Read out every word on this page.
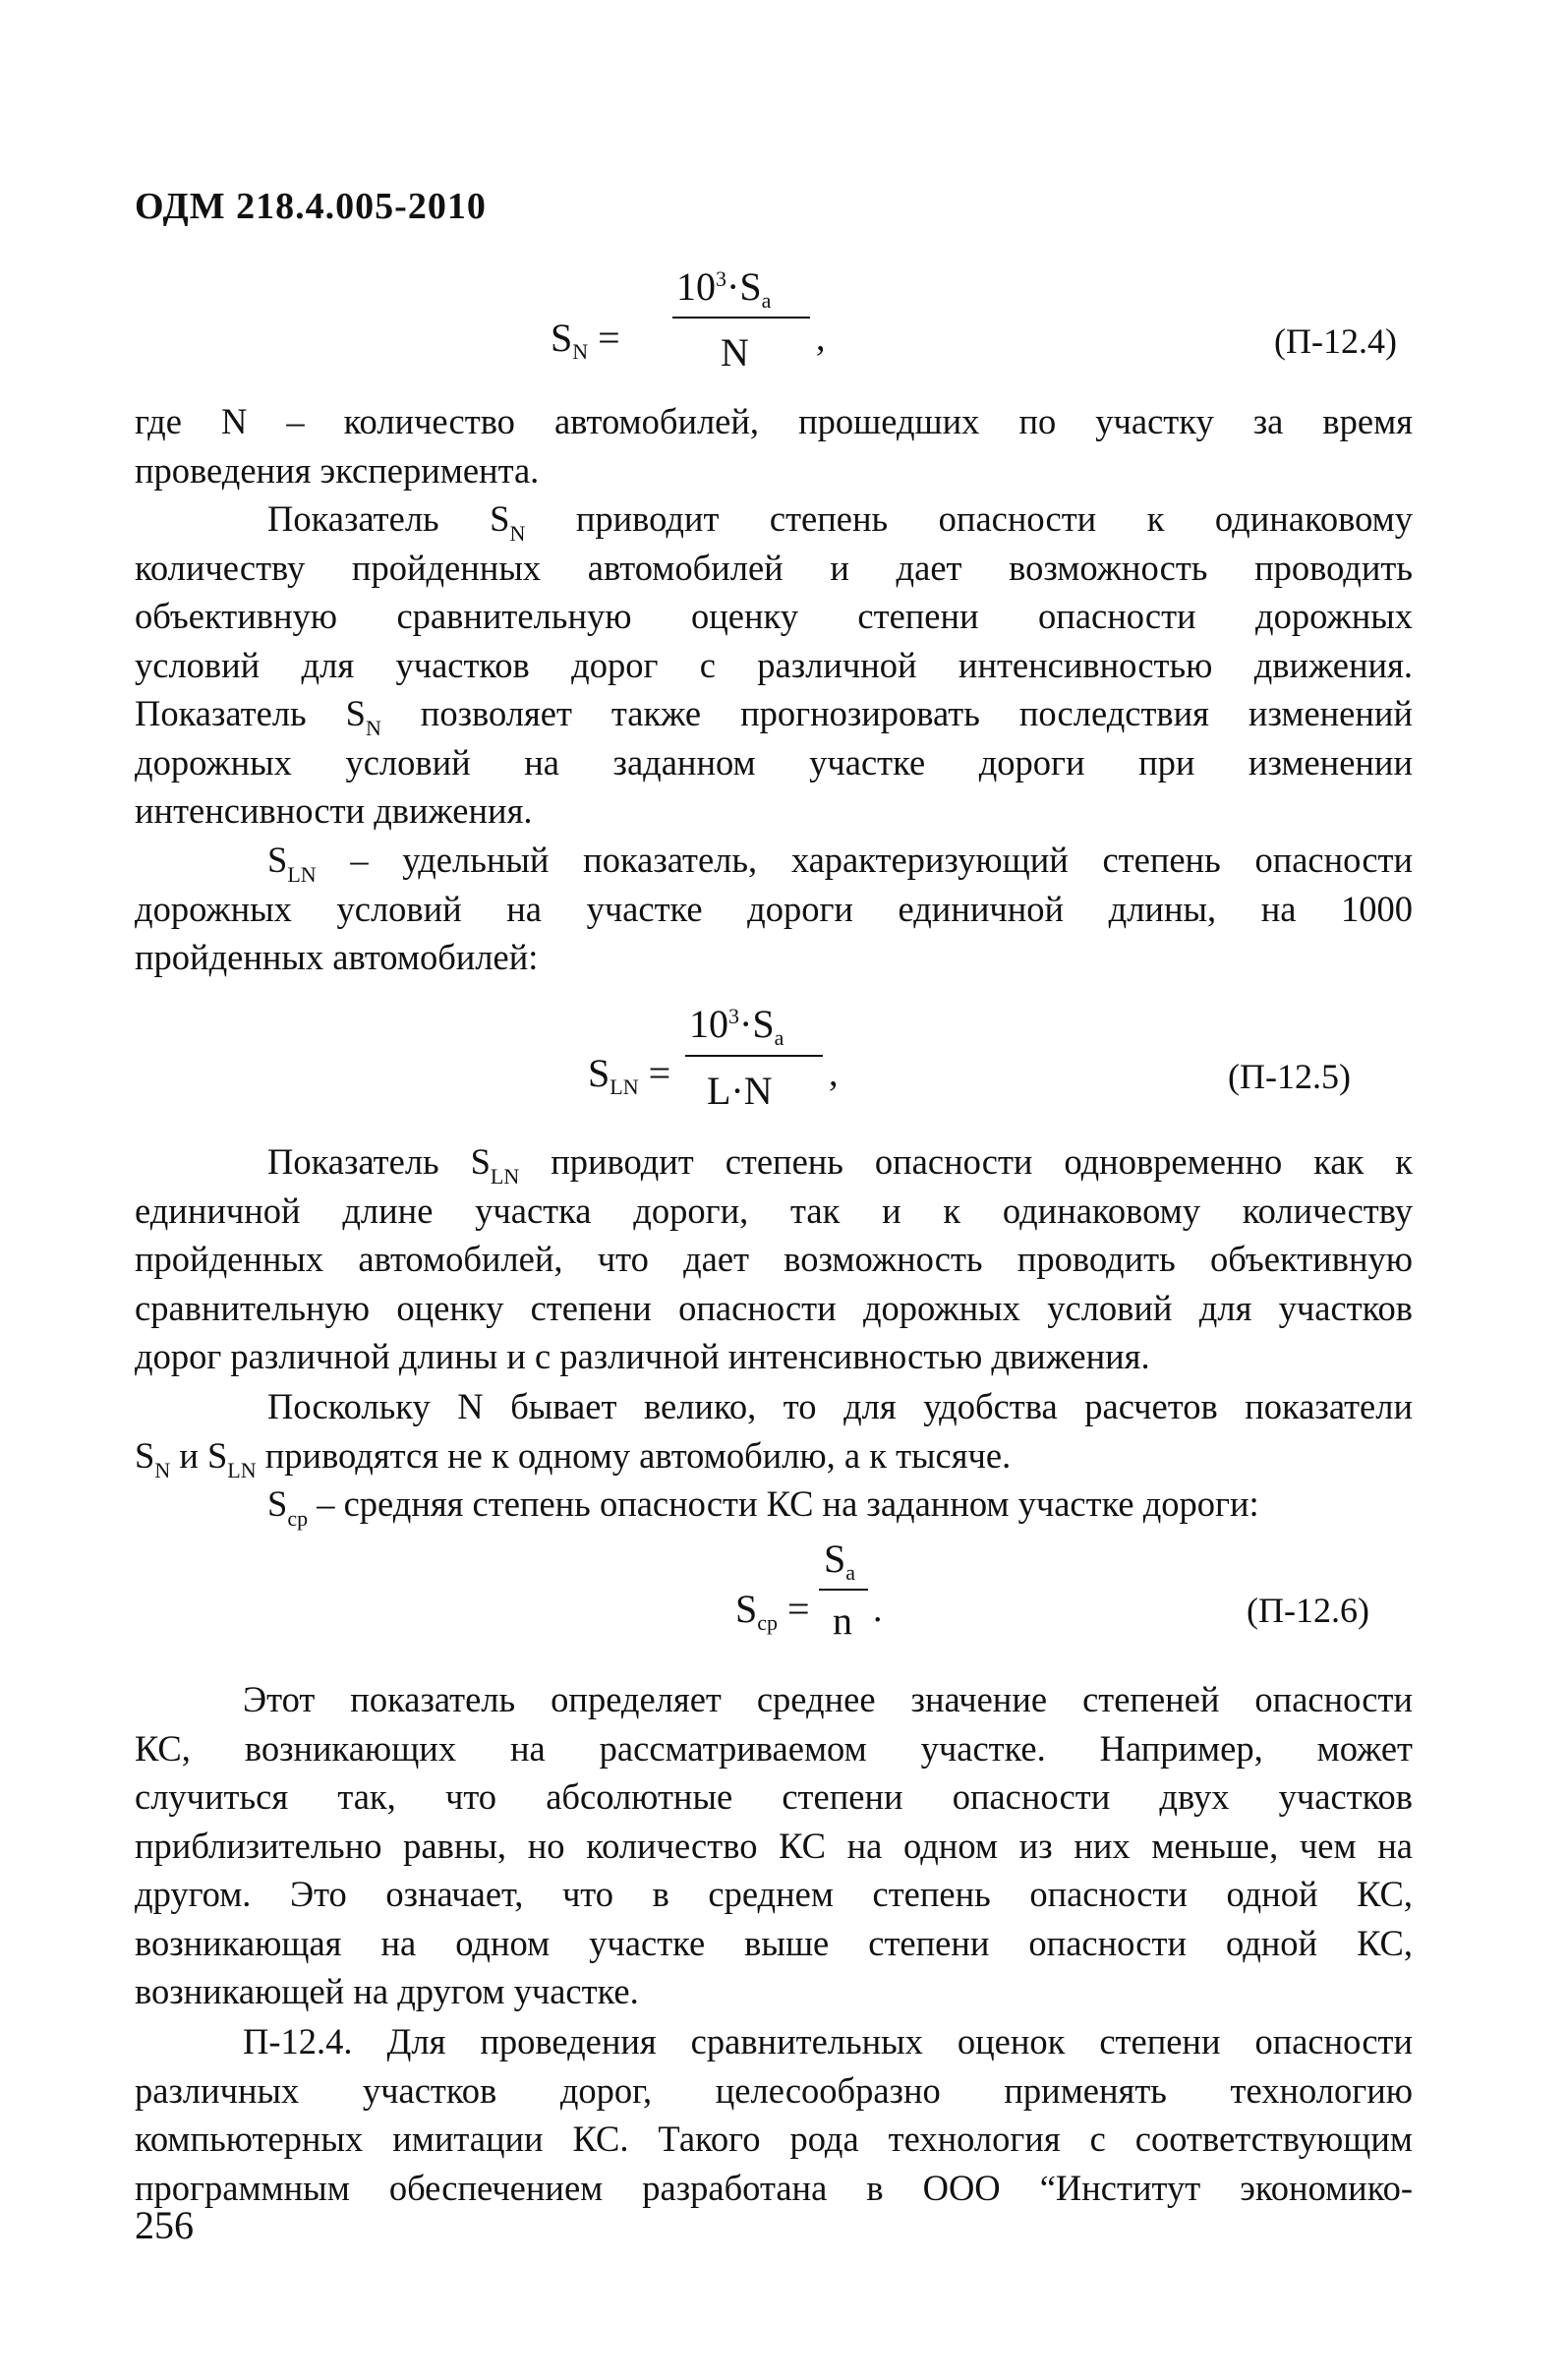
ОДМ 218.4.005-2010
$S_N$ =
$10^3\cdot S_a$
N ,	(П-12.4)
где N – количество автомобилей, прошедших по участку за время
проведения эксперимента.
Показатель $S_N$ приводит степень опасности к одинаковому
количеству пройденных автомобилей и дает возможность проводить
объективную сравнительную оценку степени опасности дорожных
условий для участков дорог с различной интенсивностью движения.
Показатель $S_N$ позволяет также прогнозировать последствия изменений
дорожных условий на заданном участке дороги при изменении
интенсивности движения.
$S_{LN}$ – удельный показатель, характеризующий степень опасности
дорожных условий на участке дороги единичной длины, на 1000
пройденных автомобилей:
$S_{LN}$ =
$10^3\cdot S_a$
L·N ,	(П-12.5)
Показатель $S_{LN}$ приводит степень опасности одновременно как к
единичной длине участка дороги, так и к одинаковому количеству
пройденных автомобилей, что дает возможность проводить объективную
сравнительную оценку степени опасности дорожных условий для участков
дорог различной длины и с различной интенсивностью движения.
Поскольку N бывает велико, то для удобства расчетов показатели
$S_N$ и $S_{LN}$ приводятся не к одному автомобилю, а к тысяче.
$S_{ср}$ – средняя степень опасности КС на заданном участке дороги:
$S_{ср}$ =
$S_a$
n .	(П-12.6)
Этот показатель определяет среднее значение степеней опасности
КС, возникающих на рассматриваемом участке. Например, может
случиться так, что абсолютные степени опасности двух участков
приблизительно равны, но количество КС на одном из них меньше, чем на
другом. Это означает, что в среднем степень опасности одной КС,
возникающая на одном участке выше степени опасности одной КС,
возникающей на другом участке.
П-12.4. Для проведения сравнительных оценок степени опасности
различных участков дорог, целесообразно применять технологию
компьютерных имитации КС. Такого рода технология с соответствующим
программным обеспечением разработана в ООО “Институт экономико-
256
